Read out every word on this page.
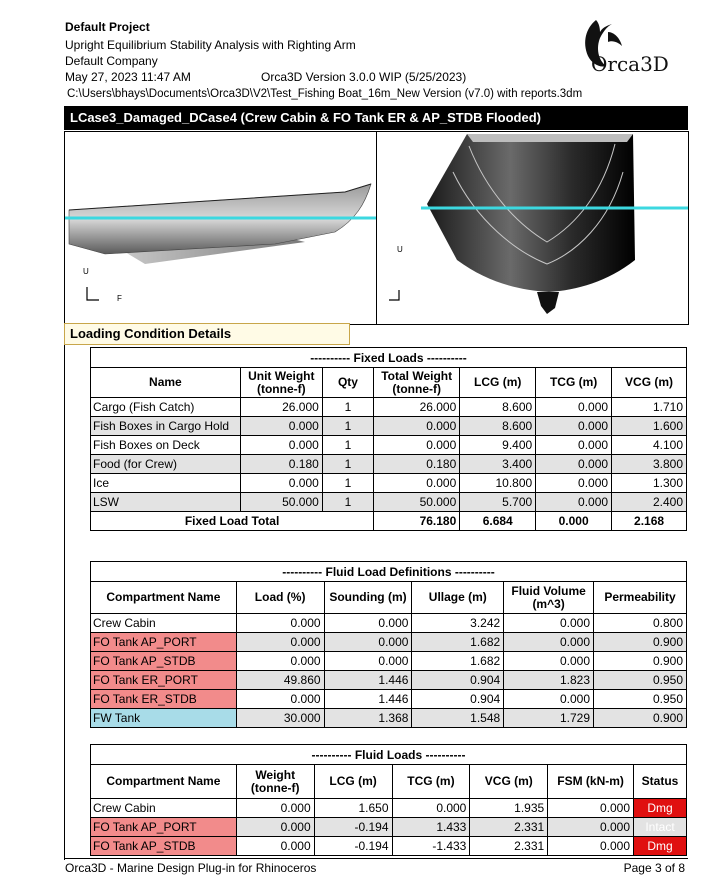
Default Project
Upright Equilibrium Stability Analysis with Righting Arm
Default Company
May 27, 2023 11:47 AM	Orca3D Version 3.0.0 WIP (5/25/2023)
C:\Users\bhays\Documents\Orca3D\V2\Test_Fishing Boat_16m_New Version (v7.0) with reports.3dm
Orca3D
LCase3_Damaged_DCase4 (Crew Cabin & FO Tank ER & AP_STDB Flooded)
U
F
U
Loading Condition Details
---------- Fixed Loads ----------						
Name	Unit Weight (tonne-f)	Qty	Total Weight (tonne-f)	LCG (m)	TCG (m)	VCG (m)
Cargo (Fish Catch)	26.000	1	26.000	8.600	0.000	1.710
Fish Boxes in Cargo Hold	0.000	1	0.000	8.600	0.000	1.600
Fish Boxes on Deck	0.000	1	0.000	9.400	0.000	4.100
Food (for Crew)	0.180	1	0.180	3.400	0.000	3.800
Ice	0.000	1	0.000	10.800	0.000	1.300
LSW	50.000	1	50.000	5.700	0.000	2.400
Fixed Load Total			76.180	6.684	0.000	2.168
---------- Fluid Load Definitions ----------					
Compartment Name	Load (%)	Sounding (m)	Ullage (m)	Fluid Volume (m^3)	Permeability
Crew Cabin	0.000	0.000	3.242	0.000	0.800
FO Tank AP_PORT	0.000	0.000	1.682	0.000	0.900
FO Tank AP_STDB	0.000	0.000	1.682	0.000	0.900
FO Tank ER_PORT	49.860	1.446	0.904	1.823	0.950
FO Tank ER_STDB	0.000	1.446	0.904	0.000	0.950
FW Tank	30.000	1.368	1.548	1.729	0.900
---------- Fluid Loads ----------						
Compartment Name	Weight (tonne-f)	LCG (m)	TCG (m)	VCG (m)	FSM (kN-m)	Status
Crew Cabin	0.000	1.650	0.000	1.935	0.000	Dmg
FO Tank AP_PORT	0.000	-0.194	1.433	2.331	0.000	Intact
FO Tank AP_STDB	0.000	-0.194	-1.433	2.331	0.000	Dmg
Orca3D - Marine Design Plug-in for Rhinoceros	Page 3 of 8
